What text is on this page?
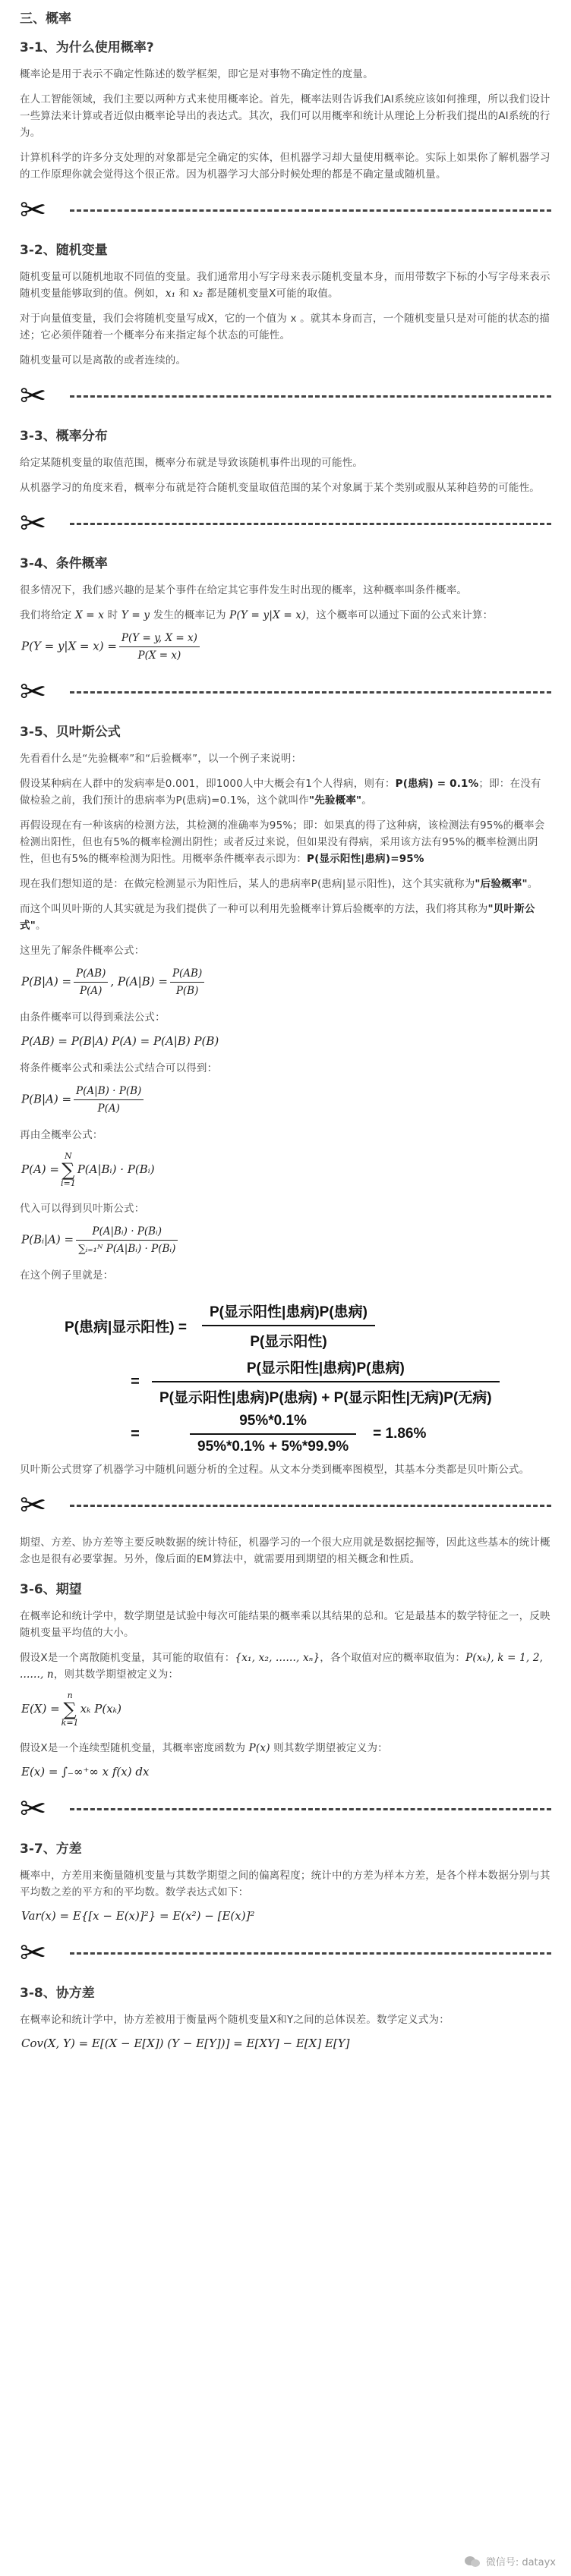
三、概率
3-1、为什么使用概率?

概率论是用于表示不确定性陈述的数学框架，即它是对事物不确定性的度量。

在人工智能领域，我们主要以两种方式来使用概率论。首先，概率法则告诉我们AI系统应该如何推理，所以我们设计一些算法来计算或者近似由概率论导出的表达式。其次，我们可以用概率和统计从理论上分析我们提出的AI系统的行为。

计算机科学的许多分支处理的对象都是完全确定的实体，但机器学习却大量使用概率论。实际上如果你了解机器学习的工作原理你就会觉得这个很正常。因为机器学习大部分时候处理的都是不确定量或随机量。

✂
3-2、随机变量

随机变量可以随机地取不同值的变量。我们通常用小写字母来表示随机变量本身，而用带数字下标的小写字母来表示随机变量能够取到的值。例如，x₁ 和 x₂ 都是随机变量X可能的取值。

对于向量值变量，我们会将随机变量写成X，它的一个值为 x 。就其本身而言，一个随机变量只是对可能的状态的描述；它必须伴随着一个概率分布来指定每个状态的可能性。

随机变量可以是离散的或者连续的。

✂
3-3、概率分布

给定某随机变量的取值范围，概率分布就是导致该随机事件出现的可能性。

从机器学习的角度来看，概率分布就是符合随机变量取值范围的某个对象属于某个类别或服从某种趋势的可能性。

✂
3-4、条件概率

很多情况下，我们感兴趣的是某个事件在给定其它事件发生时出现的概率，这种概率叫条件概率。

我们将给定 X = x 时 Y = y 发生的概率记为 P(Y = y|X = x)，这个概率可以通过下面的公式来计算：

$P(Y = y|X = x) = \frac{P(Y = y, X = x)}{P(X = x)}$
✂
3-5、贝叶斯公式

先看看什么是“先验概率”和“后验概率”，以一个例子来说明：

假设某种病在人群中的发病率是0.001，即1000人中大概会有1个人得病，则有：P(患病) = 0.1%；即：在没有做检验之前，我们预计的患病率为P(患病)=0.1%，这个就叫作"先验概率"。

再假设现在有一种该病的检测方法，其检测的准确率为95%；即：如果真的得了这种病，该检测法有95%的概率会检测出阳性，但也有5%的概率检测出阴性；或者反过来说，但如果没有得病，采用该方法有95%的概率检测出阴性，但也有5%的概率检测为阳性。用概率条件概率表示即为：P(显示阳性|患病)=95%

现在我们想知道的是：在做完检测显示为阳性后，某人的患病率P(患病|显示阳性)，这个其实就称为"后验概率"。

而这个叫贝叶斯的人其实就是为我们提供了一种可以利用先验概率计算后验概率的方法，我们将其称为"贝叶斯公式"。

这里先了解条件概率公式：

$P(B|A) = \frac{P(AB)}{P(A)}$ , $P(A|B) = \frac{P(AB)}{P(B)}$

由条件概率可以得到乘法公式：

P(AB) = P(B|A) P(A) = P(A|B) P(B)

将条件概率公式和乘法公式结合可以得到：

$P(B|A) = \frac{P(A|B) \cdot P(B)}{P(A)}$

再由全概率公式：

P(A) =
N
∑
i=1
P(A|Bᵢ) · P(Bᵢ)

代入可以得到贝叶斯公式：

P(Bᵢ|A) = $\frac{\text{P(A|Bᵢ) · P(Bᵢ)}}{\text{∑ᵢ₌₁ᴺ P(A|Bᵢ) · P(Bᵢ)}}$

在这个例子里就是：

P(患病|显示阳性) =	$\frac{\text{P(显示阳性|患病)P(患病)}}{\text{P(显示阳性)}}$
= $\frac{\text{P(显示阳性|患病)P(患病)}}{\text{P(显示阳性|患病)P(患病) + P(显示阳性|无病)P(无病)}}$
=	$\frac{95\%*0.1\%}{95\%*0.1\% + 5\%*99.9\%} = 1.86\%$

贝叶斯公式贯穿了机器学习中随机问题分析的全过程。从文本分类到概率图模型，其基本分类都是贝叶斯公式。

✂

期望、方差、协方差等主要反映数据的统计特征，机器学习的一个很大应用就是数据挖掘等，因此这些基本的统计概念也是很有必要掌握。另外，像后面的EM算法中，就需要用到期望的相关概念和性质。

3-6、期望

在概率论和统计学中，数学期望是试验中每次可能结果的概率乘以其结果的总和。它是最基本的数学特征之一，反映随机变量平均值的大小。

假设X是一个离散随机变量，其可能的取值有：{x₁, x₂, ......, xₙ}，各个取值对应的概率取值为：P(xₖ), k = 1, 2, ......, n，则其数学期望被定义为：

E(X) =
n
∑
k=1
xₖ P(xₖ)

假设X是一个连续型随机变量，其概率密度函数为 P(x) 则其数学期望被定义为：

E(x) = ∫₋∞⁺∞ x f(x) dx
✂
3-7、方差

概率中，方差用来衡量随机变量与其数学期望之间的偏离程度；统计中的方差为样本方差，是各个样本数据分别与其平均数之差的平方和的平均数。数学表达式如下：

Var(x) = E{[x − E(x)]²} = E(x²) − [E(x)]²
✂
3-8、协方差

在概率论和统计学中，协方差被用于衡量两个随机变量X和Y之间的总体误差。数学定义式为：

Cov(X, Y) = E[(X − E[X]) (Y − E[Y])] = E[XY] − E[X] E[Y]
微信号: datayx
